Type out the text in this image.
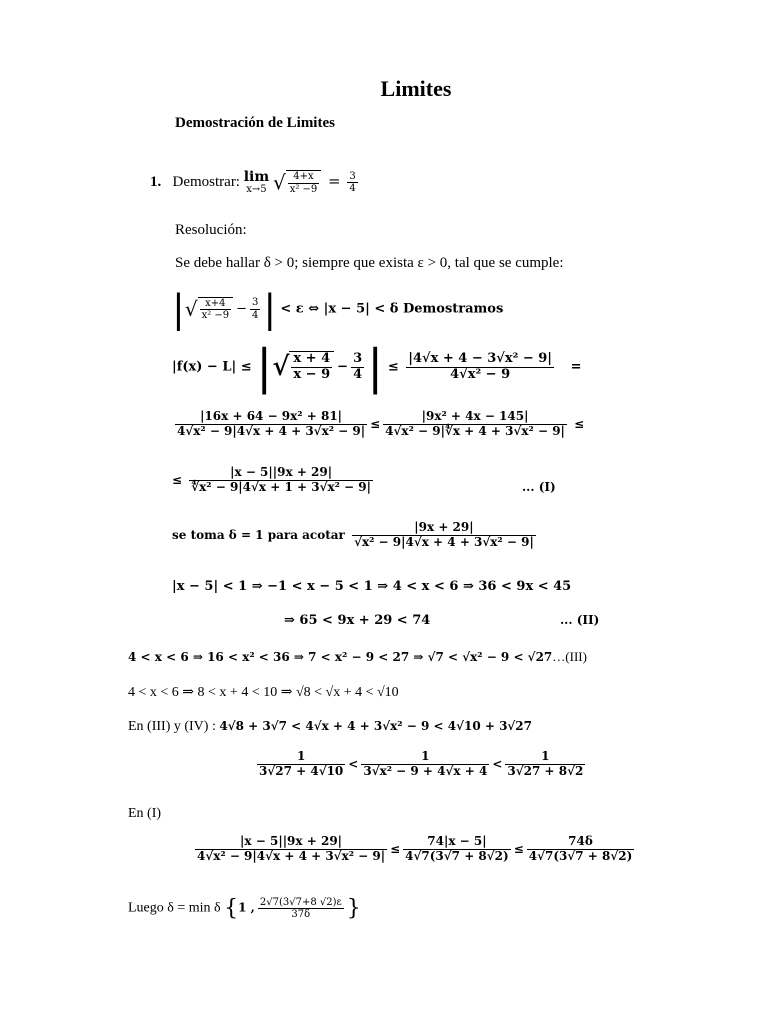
Limites
Demostración de Limites
1. Demostrar: lim
x→5 √ $\frac{4+x}{\text{x² −9}} = \frac{3}{4}$
Resolución:
Se debe hallar δ > 0; siempre que exista ε > 0, tal que se cumple:
|√ $\frac{x+4}{\text{x² −9}} - \frac{3}{4}$ | < ε ⇔ |x − 5| < δ Demostramos
|f(x) − L| ≤ |√ $\frac{x + 4}{x - 9} - \frac{3}{4}$ | ≤ $\frac{\text{|4√x + 4 − 3√x² − 9|}}{\text{4√x² − 9}}$ =
$\frac{\text{|16x + 64 − 9x² + 81|}}{\text{4√x² − 9|4√x + 4 + 3√x² − 9|}} \le \frac{\text{|9x² + 4x − 145|}}{\text{4√x² − 9|∜x + 4 + 3√x² − 9|}}$ ≤
≤ $\frac{|x - 5||9x + 29|}{\text{∜x² − 9|4√x + 1 + 3√x² − 9|}}$	... (I)
se toma δ = 1 para acotar $\frac{|9x + 29|}{\text{√x² − 9|4√x + 4 + 3√x² − 9|}}$
|x − 5| < 1 ⇒ −1 < x − 5 < 1 ⇒ 4 < x < 6 ⇒ 36 < 9x < 45
⇒ 65 < 9x + 29 < 74	... (II)
4 < x < 6 ⇒ 16 < x² < 36 ⇒ 7 < x² − 9 < 27 ⇒ √7 < √x² − 9 < √27…(III)
4 < x < 6 ⇒ 8 < x + 4 < 10 ⇒ √8 < √x + 4 < √10
En (III) y (IV) : 4√8 + 3√7 < 4√x + 4 + 3√x² − 9 < 4√10 + 3√27
$\frac{1}{3√27 + 4√10} < \frac{1}{\text{3√x² − 9 + 4√x + 4}} < \frac{1}{3√27 + 8√2}$
En (I)
$\frac{|x - 5||9x + 29|}{\text{4√x² − 9|4√x + 4 + 3√x² − 9|}} \le \frac{74|x - 5|}{4√7(3√7 + 8√2)} \le \frac{74\delta}{4√7(3√7 + 8√2)}$
Luego δ = min δ {1 , $\frac{2√7(3√7+8 √2)\varepsilon}{37\delta}$ }
